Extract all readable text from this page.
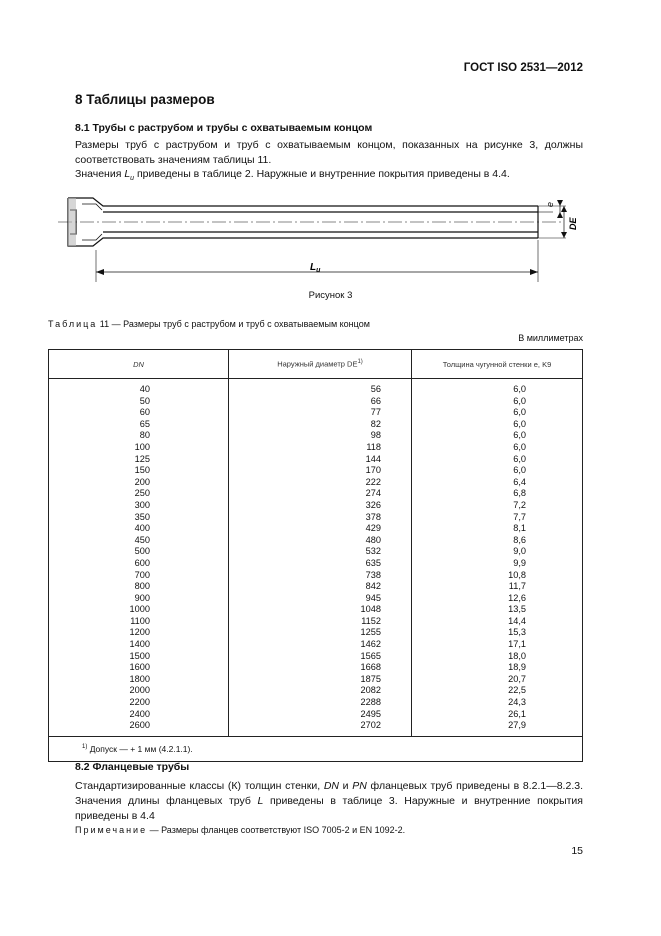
ГОСТ ISO 2531—2012
8 Таблицы размеров
8.1 Трубы с раструбом и трубы с охватываемым концом
Размеры труб с раструбом и труб с охватываемым концом, показанных на рисунке 3, должны соответствовать значениям таблицы 11.
Значения $L_u$ приведены в таблице 2. Наружные и внутренние покрытия приведены в 4.4.
e
DE
$L_u$
Рисунок 3
Таблица 11 — Размеры труб с раструбом и труб с охватываемым концом
В миллиметрах
DN	Наружный диаметр DE$^{1)}$	Толщина чугунной стенки e, K9
40	56	6,0
50	66	6,0
60	77	6,0
65	82	6,0
80	98	6,0
100	118	6,0
125	144	6,0
150	170	6,0
200	222	6,4
250	274	6,8
300	326	7,2
350	378	7,7
400	429	8,1
450	480	8,6
500	532	9,0
600	635	9,9
700	738	10,8
800	842	11,7
900	945	12,6
1000	1048	13,5
1100	1152	14,4
1200	1255	15,3
1400	1462	17,1
1500	1565	18,0
1600	1668	18,9
1800	1875	20,7
2000	2082	22,5
2200	2288	24,3
2400	2495	26,1
2600	2702	27,9
$^{1)}$ Допуск — + 1 мм (4.2.1.1).		
8.2 Фланцевые трубы
Стандартизированные классы (К) толщин стенки, DN и PN фланцевых труб приведены в 8.2.1—8.2.3. Значения длины фланцевых труб L приведены в таблице 3. Наружные и внутренние покрытия приведены в 4.4
Примечание — Размеры фланцев соответствуют ISO 7005-2 и EN 1092-2.
15
